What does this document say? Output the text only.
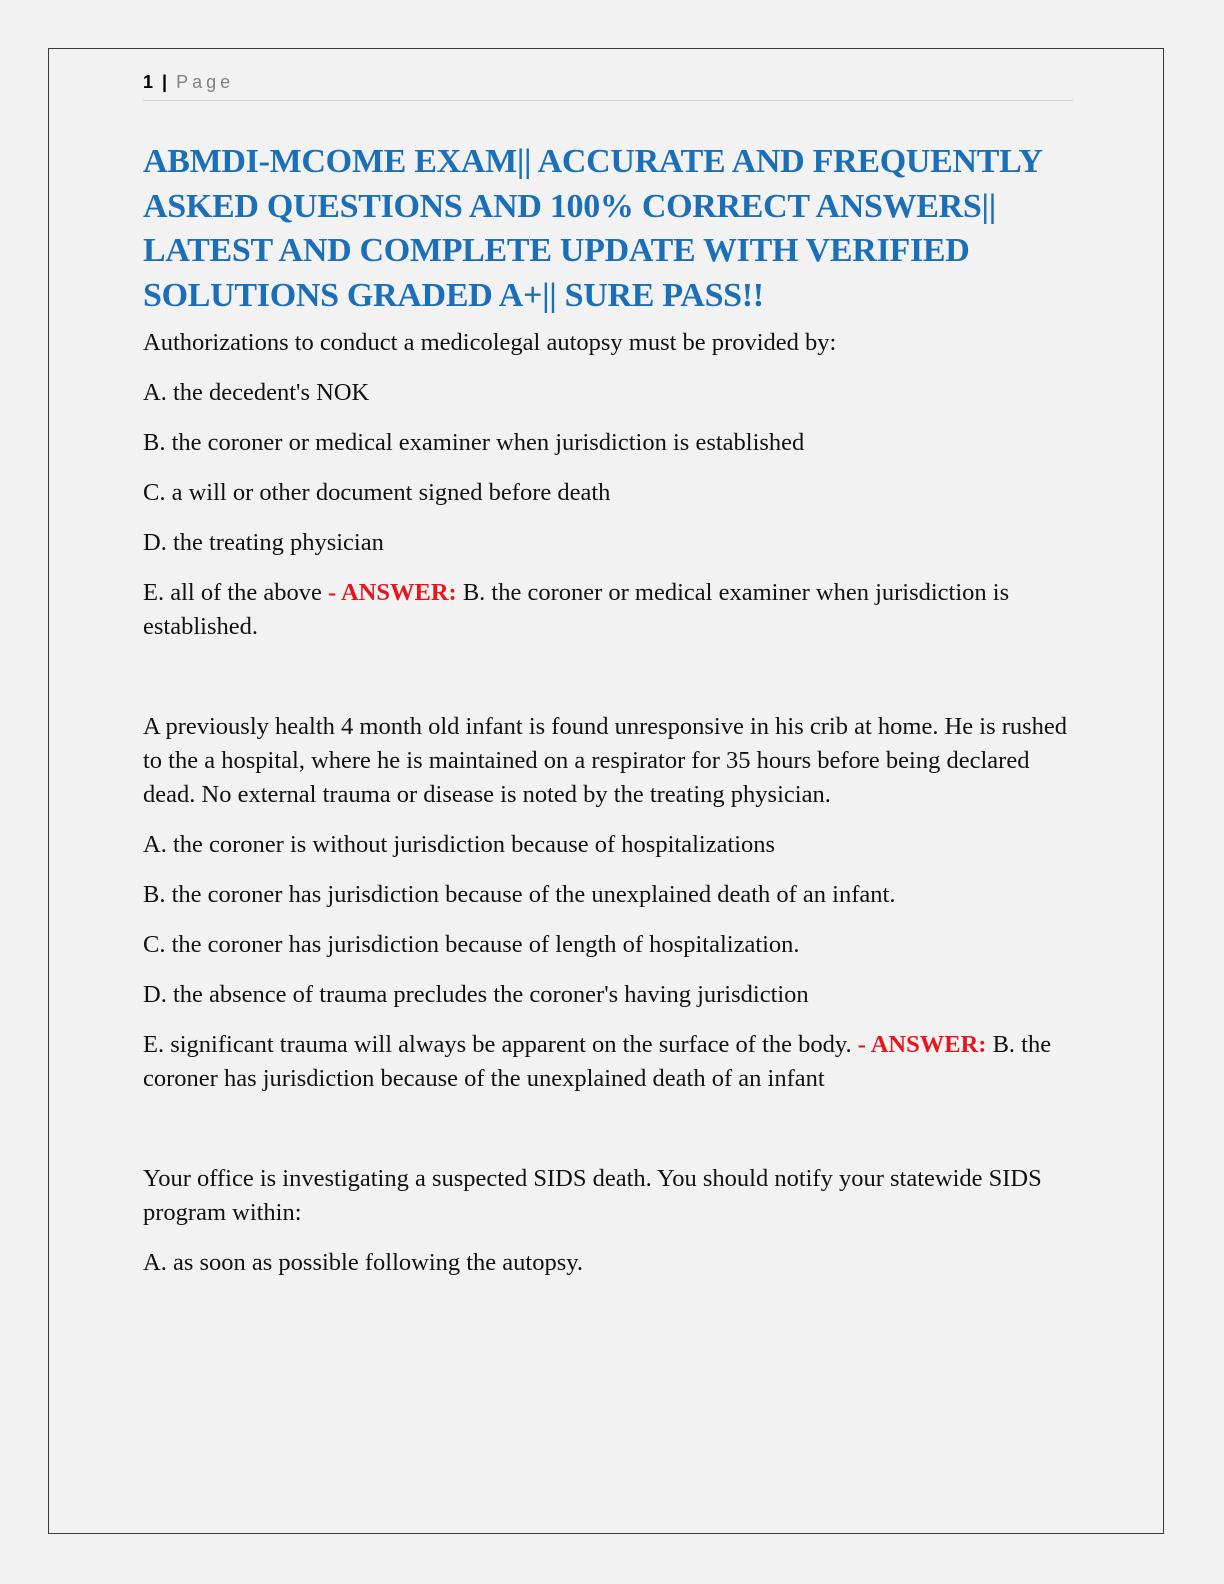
1 | Page
ABMDI-MCOME EXAM|| ACCURATE AND FREQUENTLY ASKED QUESTIONS AND 100% CORRECT ANSWERS|| LATEST AND COMPLETE UPDATE WITH VERIFIED SOLUTIONS GRADED A+|| SURE PASS!!

Authorizations to conduct a medicolegal autopsy must be provided by:

A. the decedent's NOK

B. the coroner or medical examiner when jurisdiction is established

C. a will or other document signed before death

D. the treating physician

E. all of the above - ANSWER: B. the coroner or medical examiner when jurisdiction is established.

A previously health 4 month old infant is found unresponsive in his crib at home. He is rushed to the a hospital, where he is maintained on a respirator for 35 hours before being declared dead. No external trauma or disease is noted by the treating physician.

A. the coroner is without jurisdiction because of hospitalizations

B. the coroner has jurisdiction because of the unexplained death of an infant.

C. the coroner has jurisdiction because of length of hospitalization.

D. the absence of trauma precludes the coroner's having jurisdiction

E. significant trauma will always be apparent on the surface of the body. - ANSWER: B. the coroner has jurisdiction because of the unexplained death of an infant

Your office is investigating a suspected SIDS death. You should notify your statewide SIDS program within:

A. as soon as possible following the autopsy.
